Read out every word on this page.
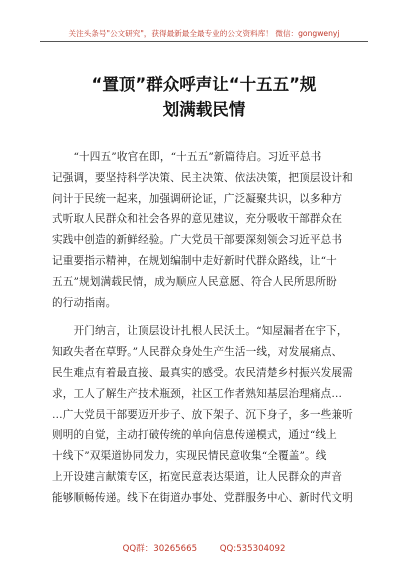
关注头条号"公文研究"，获得最新最全最专业的公文资料库！ 微信：gongwenyj
“置顶”群众呼声让“十五五”规
划满载民情

　　“十四五”收官在即，“十五五”新篇待启。习近平总书
记强调，要坚持科学决策、民主决策、依法决策，把顶层设计和
问计于民统一起来，加强调研论证，广泛凝聚共识，以多种方
式听取人民群众和社会各界的意见建议，充分吸收干部群众在
实践中创造的新鲜经验。广大党员干部要深刻领会习近平总书
记重要指示精神，在规划编制中走好新时代群众路线，让“十
五五”规划满载民情，成为顺应人民意愿、符合人民所思所盼
的行动指南。

　　开门纳言，让顶层设计扎根人民沃土。“知屋漏者在宇下，
知政失者在草野。”人民群众身处生产生活一线，对发展痛点、
民生难点有着最直接、最真实的感受。农民清楚乡村振兴发展需
求，工人了解生产技术瓶颈，社区工作者熟知基层治理痛点…
…广大党员干部要迈开步子、放下架子、沉下身子，多一些兼听
则明的自觉，主动打破传统的单向信息传递模式，通过“线上
十线下”双渠道协同发力，实现民情民意收集“全覆盖”。线
上开设建言献策专区，拓宽民意表达渠道，让人民群众的声音
能够顺畅传递。线下在街道办事处、党群服务中心、新时代文明

QQ群：30265665	QQ:535304092
